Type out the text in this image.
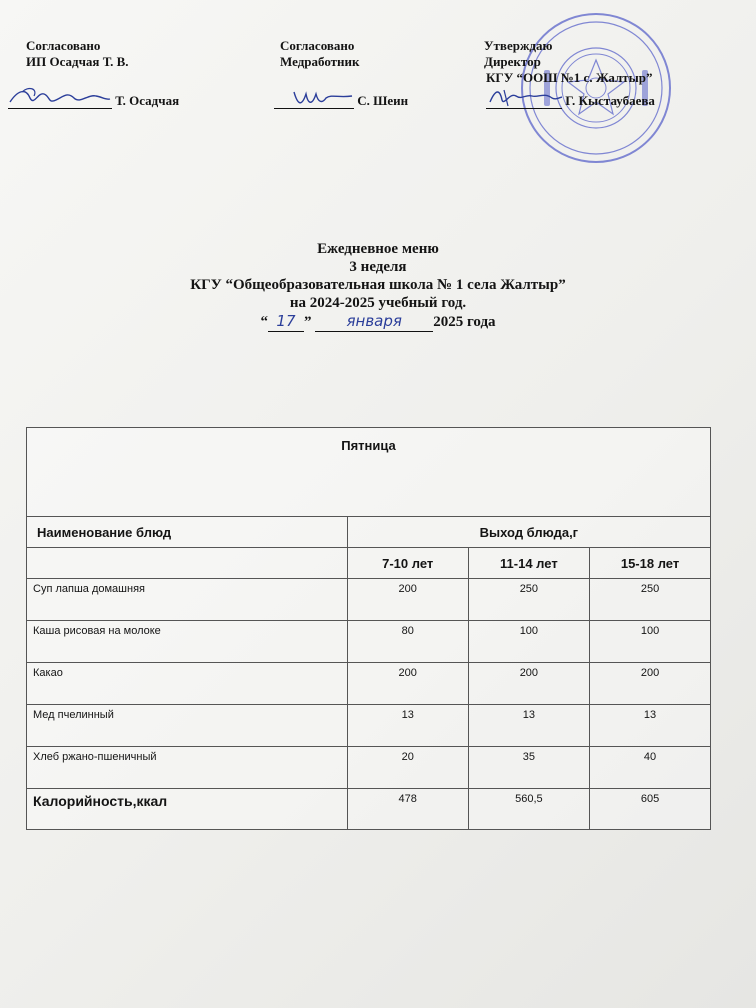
Согласовано
ИП Осадчая Т. В.
Согласовано
Медработник
Утверждаю
Директор
КГУ “ООШ №1 с. Жалтыр”
Т. Осадчая	С. Шеин	Г. Кыстаубаева
Ежедневное меню
3 неделя
КГУ “Общеобразовательная школа № 1 села Жалтыр”
на 2024-2025 учебный год.
“ 17 ” января 2025 года
Пятница			
Наименование блюд	Выход блюда,г		
	7-10 лет	11-14 лет	15-18 лет
Суп лапша домашняя	200	250	250
Каша рисовая на молоке	80	100	100
Какао	200	200	200
Мед пчелинный	13	13	13
Хлеб ржано-пшеничный	20	35	40
Калорийность,ккал	478	560,5	605
